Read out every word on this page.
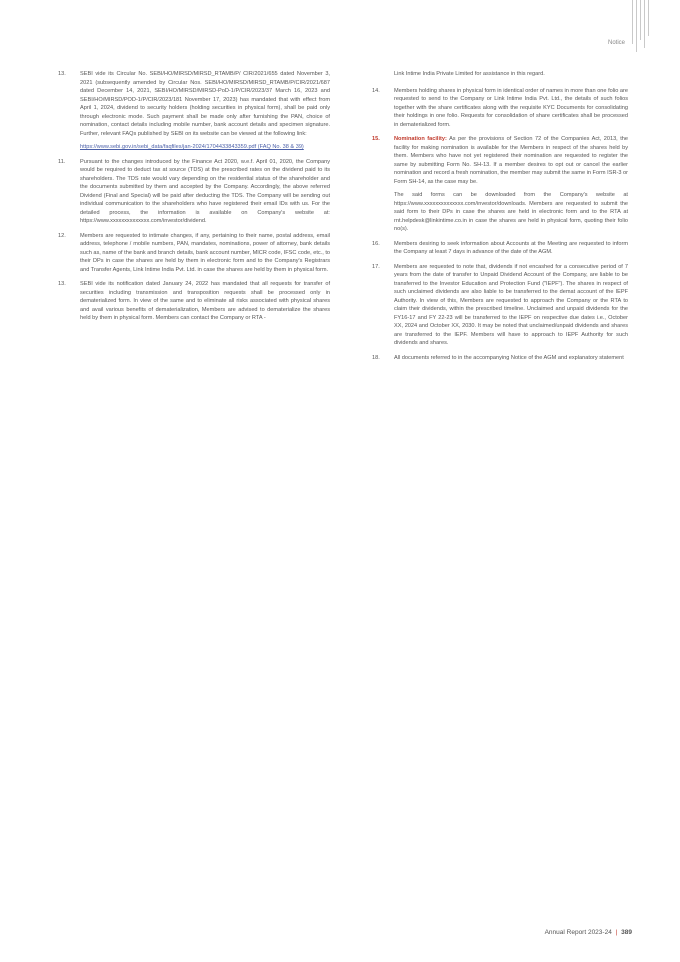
Notice
13.	SEBI vide its Circular No. SEBI/HO/MIRSD/MIRSD_RTAMB/P/ CIR/2021/655 dated November 3, 2021 (subsequently amended by Circular Nos. SEBI/HO/MIRSD/MIRSD_RTAMB/P/CIR/2021/687 dated December 14, 2021, SEBI/HO/MIRSD/MIRSD-PoD-1/P/CIR/2023/37 March 16, 2023 and SEBI/HO/MIRSD/POD-1/P/CIR/2023/181 November 17, 2023) has mandated that with effect from April 1, 2024, dividend to security holders (holding securities in physical form), shall be paid only through electronic mode. Such payment shall be made only after furnishing the PAN, choice of nomination, contact details including mobile number, bank account details and specimen signature. Further, relevant FAQs published by SEBI on its website can be viewed at the following link:

https://www.sebi.gov.in/sebi_data/faqfiles/jan-2024/1704433843359.pdf (FAQ No. 38 & 39)

11.	Pursuant to the changes introduced by the Finance Act 2020, w.e.f. April 01, 2020, the Company would be required to deduct tax at source (TDS) at the prescribed rates on the dividend paid to its shareholders. The TDS rate would vary depending on the residential status of the shareholder and the documents submitted by them and accepted by the Company. Accordingly, the above referred Dividend (Final and Special) will be paid after deducting the TDS. The Company will be sending out individual communication to the shareholders who have registered their email IDs with us. For the detailed process, the information is available on Company's website at: https://www.xxxxxxxxxxxxxx.com/investor/dividend.

12.	Members are requested to intimate changes, if any, pertaining to their name, postal address, email address, telephone / mobile numbers, PAN, mandates, nominations, power of attorney, bank details such as, name of the bank and branch details, bank account number, MICR code, IFSC code, etc., to their DPs in case the shares are held by them in electronic form and to the Company's Registrars and Transfer Agents, Link Intime India Pvt. Ltd. in case the shares are held by them in physical form.

13.	SEBI vide its notification dated January 24, 2022 has mandated that all requests for transfer of securities including transmission and transposition requests shall be processed only in dematerialized form. In view of the same and to eliminate all risks associated with physical shares and avail various benefits of dematerialization, Members are advised to dematerialize the shares held by them in physical form. Members can contact the Company or RTA -

Link Intime India Private Limited for assistance in this regard.

14.	Members holding shares in physical form in identical order of names in more than one folio are requested to send to the Company or Link Intime India Pvt. Ltd., the details of such folios together with the share certificates along with the requisite KYC Documents for consolidating their holdings in one folio. Requests for consolidation of share certificates shall be processed in dematerialized form.

15.	Nomination facility: As per the provisions of Section 72 of the Companies Act, 2013, the facility for making nomination is available for the Members in respect of the shares held by them. Members who have not yet registered their nomination are requested to register the same by submitting Form No. SH-13. If a member desires to opt out or cancel the earlier nomination and record a fresh nomination, the member may submit the same in Form ISR-3 or Form SH-14, as the case may be.

The said forms can be downloaded from the Company's website at https://www.xxxxxxxxxxxxxx.com/investor/downloads. Members are requested to submit the said form to their DPs in case the shares are held in electronic form and to the RTA at rnt.helpdesk@linkintime.co.in in case the shares are held in physical form, quoting their folio no(s).

16.	Members desiring to seek information about Accounts at the Meeting are requested to inform the Company at least 7 days in advance of the date of the AGM.

17.	Members are requested to note that, dividends if not encashed for a consecutive period of 7 years from the date of transfer to Unpaid Dividend Account of the Company, are liable to be transferred to the Investor Education and Protection Fund ("IEPF"). The shares in respect of such unclaimed dividends are also liable to be transferred to the demat account of the IEPF Authority. In view of this, Members are requested to approach the Company or the RTA to claim their dividends, within the prescribed timeline. Unclaimed and unpaid dividends for the FY16-17 and FY 22-23 will be transferred to the IEPF on respective due dates i.e., October XX, 2024 and October XX, 2030. It may be noted that unclaimed/unpaid dividends and shares are transferred to the IEPF. Members will have to approach to IEPF Authority for such dividends and shares.

18.	All documents referred to in the accompanying Notice of the AGM and explanatory statement

Annual Report 2023-24 | 389
